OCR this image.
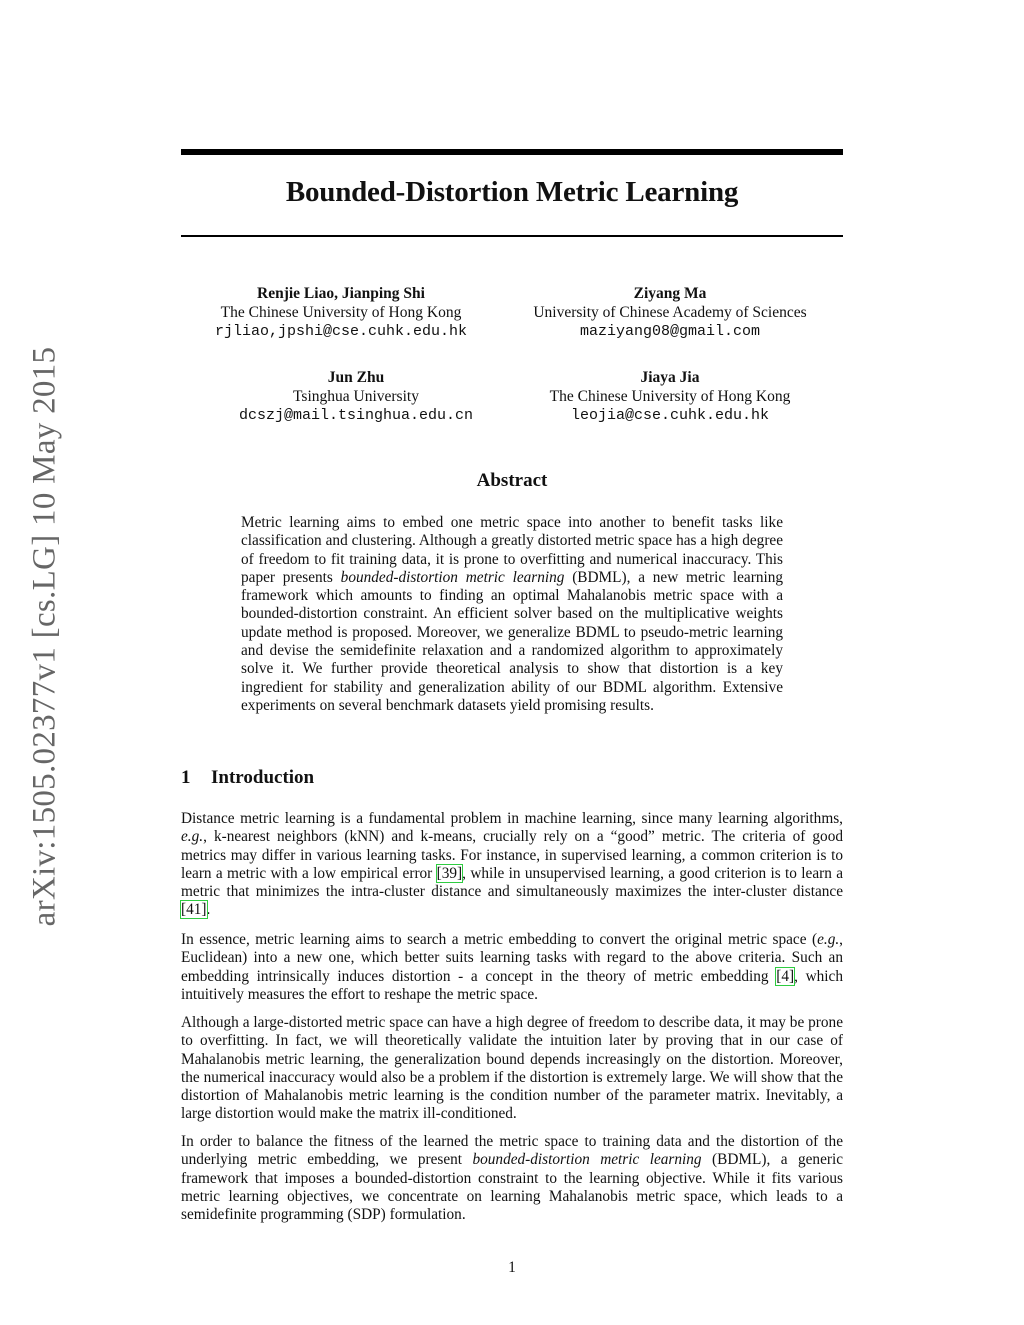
arXiv:1505.02377v1 [cs.LG] 10 May 2015
Bounded-Distortion Metric Learning
Renjie Liao, Jianping Shi
The Chinese University of Hong Kong
rjliao,jpshi@cse.cuhk.edu.hk
Ziyang Ma
University of Chinese Academy of Sciences
maziyang08@gmail.com
Jun Zhu
Tsinghua University
dcszj@mail.tsinghua.edu.cn
Jiaya Jia
The Chinese University of Hong Kong
leojia@cse.cuhk.edu.hk
Abstract
Metric learning aims to embed one metric space into another to benefit tasks like classification and clustering. Although a greatly distorted metric space has a high degree of freedom to fit training data, it is prone to overfitting and numerical inaccuracy. This paper presents bounded-distortion metric learning (BDML), a new metric learning framework which amounts to finding an optimal Mahalanobis metric space with a bounded-distortion constraint. An efficient solver based on the multiplicative weights update method is proposed. Moreover, we generalize BDML to pseudo-metric learning and devise the semidefinite relaxation and a randomized algorithm to approximately solve it. We further provide theoretical analysis to show that distortion is a key ingredient for stability and generalization ability of our BDML algorithm. Extensive experiments on several benchmark datasets yield promising results.
1 Introduction
Distance metric learning is a fundamental problem in machine learning, since many learning algorithms, e.g., k-nearest neighbors (kNN) and k-means, crucially rely on a “good” metric. The criteria of good metrics may differ in various learning tasks. For instance, in supervised learning, a common criterion is to learn a metric with a low empirical error [39], while in unsupervised learning, a good criterion is to learn a metric that minimizes the intra-cluster distance and simultaneously maximizes the inter-cluster distance [41].
In essence, metric learning aims to search a metric embedding to convert the original metric space (e.g., Euclidean) into a new one, which better suits learning tasks with regard to the above criteria. Such an embedding intrinsically induces distortion - a concept in the theory of metric embedding [4], which intuitively measures the effort to reshape the metric space.
Although a large-distorted metric space can have a high degree of freedom to describe data, it may be prone to overfitting. In fact, we will theoretically validate the intuition later by proving that in our case of Mahalanobis metric learning, the generalization bound depends increasingly on the distortion. Moreover, the numerical inaccuracy would also be a problem if the distortion is extremely large. We will show that the distortion of Mahalanobis metric learning is the condition number of the parameter matrix. Inevitably, a large distortion would make the matrix ill-conditioned.
In order to balance the fitness of the learned the metric space to training data and the distortion of the underlying metric embedding, we present bounded-distortion metric learning (BDML), a generic framework that imposes a bounded-distortion constraint to the learning objective. While it fits various metric learning objectives, we concentrate on learning Mahalanobis metric space, which leads to a semidefinite programming (SDP) formulation.
1
